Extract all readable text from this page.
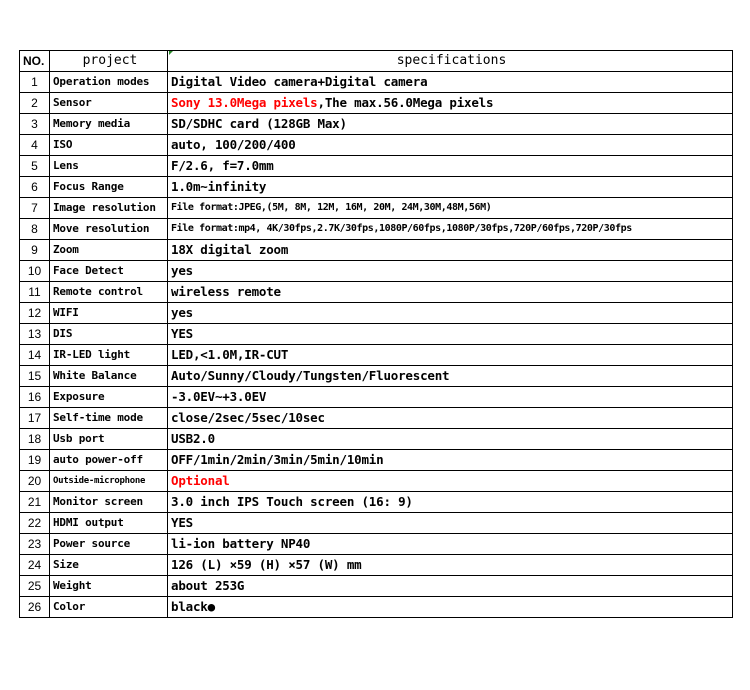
NO.	project	specifications
1	Operation modes	Digital Video camera+Digital camera
2	Sensor	Sony 13.0Mega pixels,The max.56.0Mega pixels
3	Memory media	SD/SDHC card (128GB Max)
4	ISO	auto, 100/200/400
5	Lens	F/2.6, f=7.0mm
6	Focus Range	1.0m~infinity
7	Image resolution	File format:JPEG,(5M, 8M, 12M, 16M, 20M, 24M,30M,48M,56M)
8	Move resolution	File format:mp4, 4K/30fps,2.7K/30fps,1080P/60fps,1080P/30fps,720P/60fps,720P/30fps
9	Zoom	18X digital zoom
10	Face Detect	yes
11	Remote control	wireless remote
12	WIFI	yes
13	DIS	YES
14	IR-LED light	LED,<1.0M,IR-CUT
15	White Balance	Auto/Sunny/Cloudy/Tungsten/Fluorescent
16	Exposure	-3.0EV~+3.0EV
17	Self-time mode	close/2sec/5sec/10sec
18	Usb port	USB2.0
19	auto power-off	OFF/1min/2min/3min/5min/10min
20	Outside-microphone	Optional
21	Monitor screen	3.0 inch IPS Touch screen (16: 9)
22	HDMI output	YES
23	Power source	li-ion battery NP40
24	Size	126 (L) ×59 (H) ×57 (W) mm
25	Weight	about 253G
26	Color	black●
